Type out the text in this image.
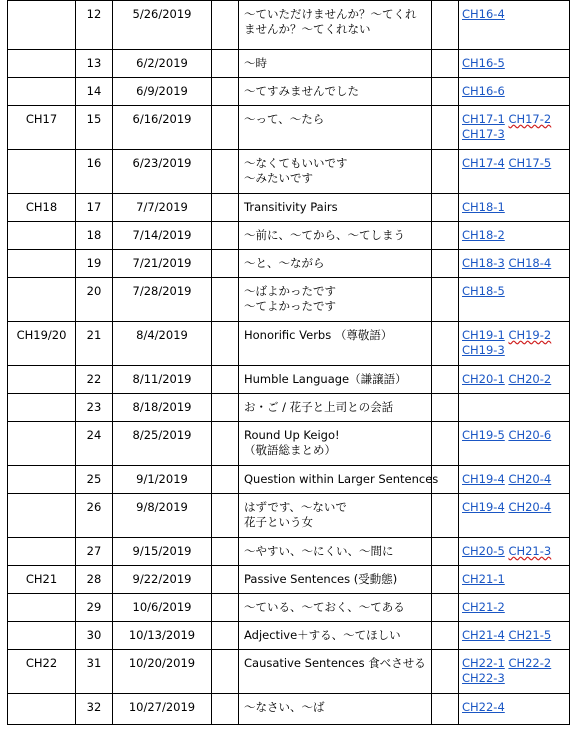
	12	5/26/2019		〜ていただけませんか？〜てくれ
ませんか？〜てくれない		CH16-4

	13	6/2/2019		〜時		CH16-5

	14	6/9/2019		〜てすみませんでした		CH16-6

CH17	15	6/16/2019		〜って、〜たら		CH17-1 CH17-2
CH17-3

	16	6/23/2019		〜なくてもいいです
〜みたいです		CH17-4 CH17-5

CH18	17	7/7/2019		Transitivity Pairs		CH18-1

	18	7/14/2019		〜前に、〜てから、〜てしまう		CH18-2

	19	7/21/2019		〜と、〜ながら		CH18-3 CH18-4

	20	7/28/2019		〜ばよかったです
〜てよかったです		CH18-5

CH19/20	21	8/4/2019		Honorific Verbs （尊敬語）		CH19-1 CH19-2
CH19-3

	22	8/11/2019		Humble Language（謙譲語）		CH20-1 CH20-2

	23	8/18/2019		お・ご / 花子と上司との会話		

	24	8/25/2019		Round Up Keigo!
（敬語総まとめ）		CH19-5 CH20-6

	25	9/1/2019		Question within Larger Sentences		CH19-4 CH20-4

	26	9/8/2019		はずです、〜ないで
花子という女		CH19-4 CH20-4

	27	9/15/2019		〜やすい、〜にくい、〜間に		CH20-5 CH21-3

CH21	28	9/22/2019		Passive Sentences (受動態)		CH21-1

	29	10/6/2019		〜ている、〜ておく、〜てある		CH21-2

	30	10/13/2019		Adjective＋する、〜てほしい		CH21-4 CH21-5

CH22	31	10/20/2019		Causative Sentences 食べさせる		CH22-1 CH22-2
CH22-3

	32	10/27/2019		〜なさい、〜ば		CH22-4
